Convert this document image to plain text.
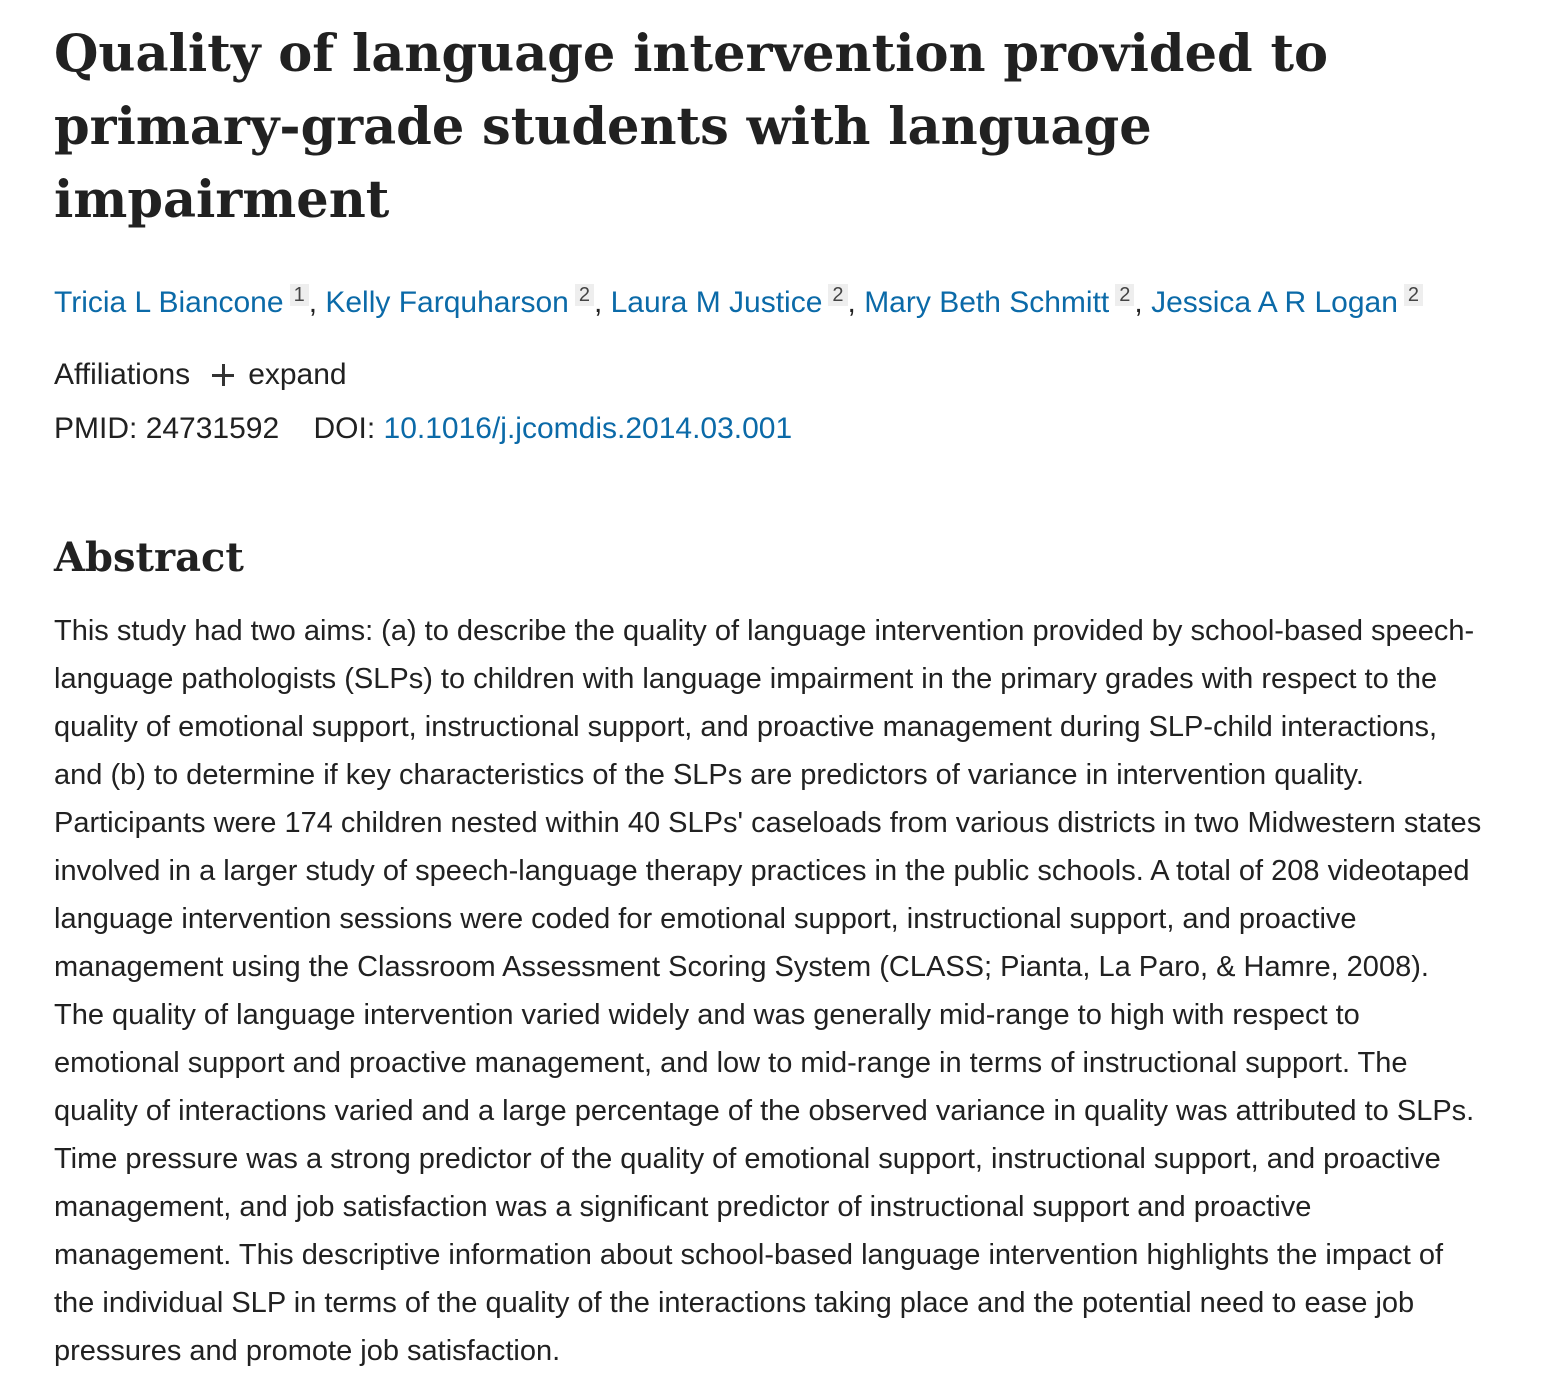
Quality of language intervention provided to
primary-grade students with language impairment
Tricia L Biancone $^1$ , Kelly Farquharson $^2$ , Laura M Justice $^2$ , Mary Beth Schmitt $^2$ , Jessica A R Logan $^2$
Affiliations expand
PMID: 24731592 DOI: 10.1016/j.jcomdis.2014.03.001
Abstract

This study had two aims: (a) to describe the quality of language intervention provided by school-based speech-language pathologists (SLPs) to children with language impairment in the primary grades with respect to the quality of emotional support, instructional support, and proactive management during SLP-child interactions, and (b) to determine if key characteristics of the SLPs are predictors of variance in intervention quality. Participants were 174 children nested within 40 SLPs' caseloads from various districts in two Midwestern states involved in a larger study of speech-language therapy practices in the public schools. A total of 208 videotaped language intervention sessions were coded for emotional support, instructional support, and proactive management using the Classroom Assessment Scoring System (CLASS; Pianta, La Paro, & Hamre, 2008). The quality of language intervention varied widely and was generally mid-range to high with respect to emotional support and proactive management, and low to mid-range in terms of instructional support. The quality of interactions varied and a large percentage of the observed variance in quality was attributed to SLPs. Time pressure was a strong predictor of the quality of emotional support, instructional support, and proactive management, and job satisfaction was a significant predictor of instructional support and proactive management. This descriptive information about school-based language intervention highlights the impact of the individual SLP in terms of the quality of the interactions taking place and the potential need to ease job pressures and promote job satisfaction.
